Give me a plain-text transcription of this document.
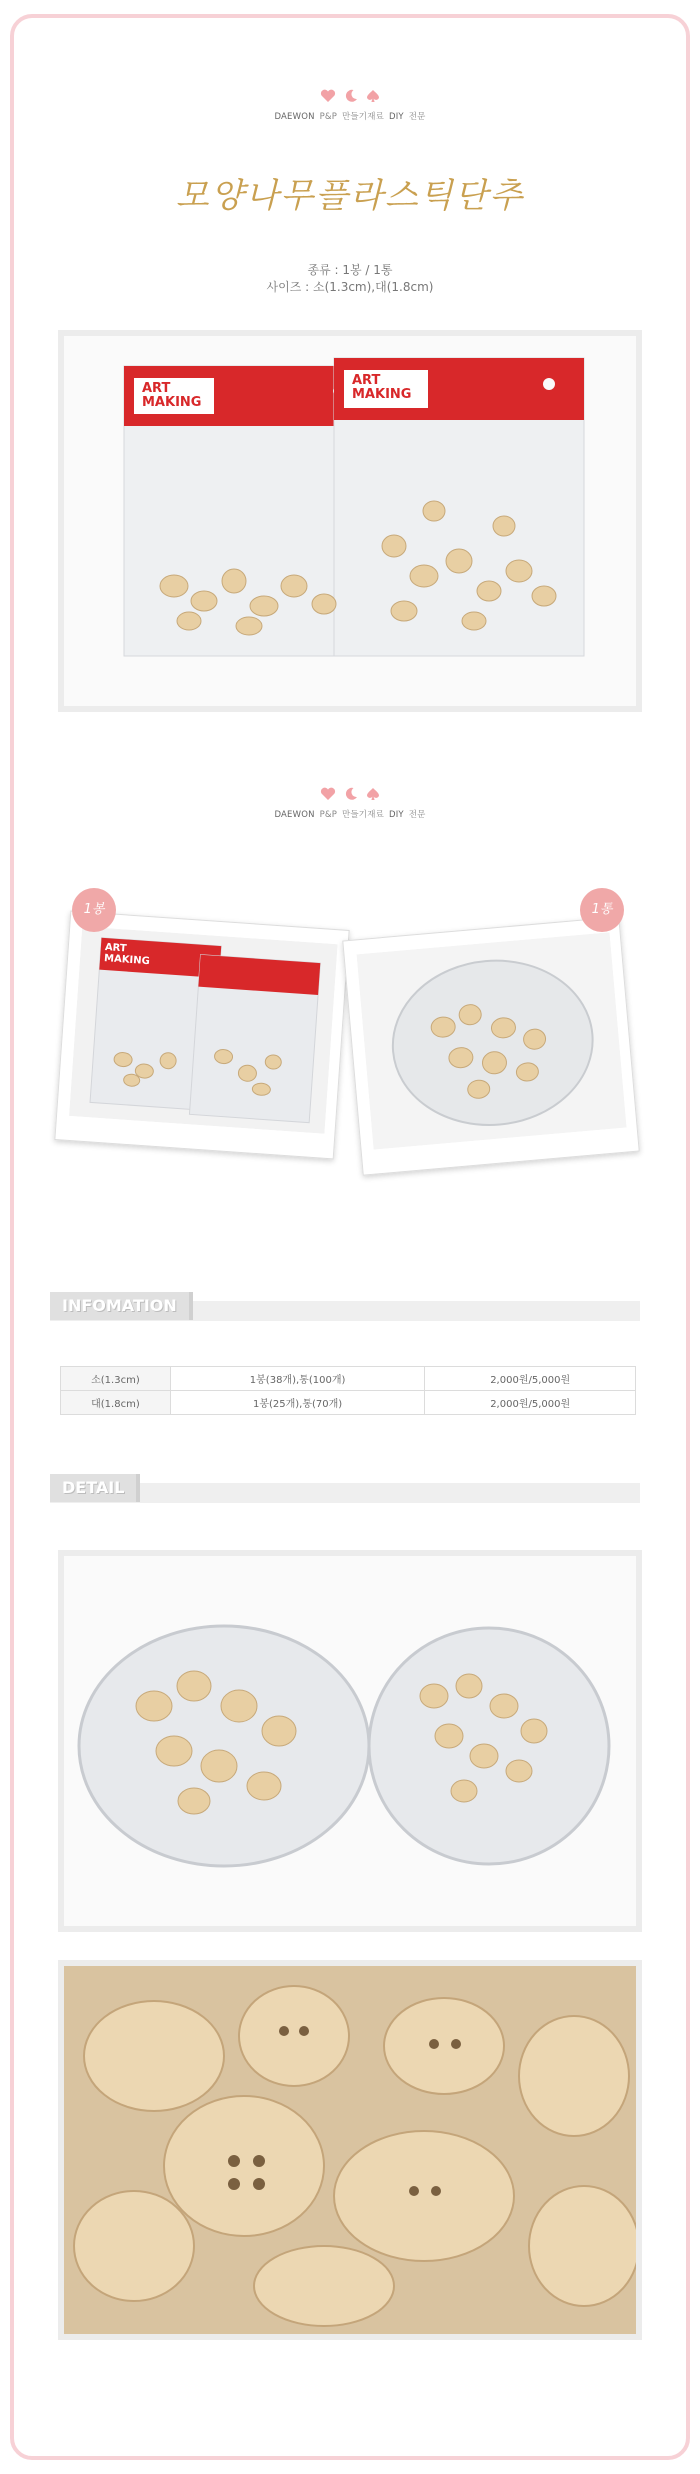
DAEWON P&P 만들기재료 DIY 전문
모양나무플라스틱단추
종류 : 1봉 / 1통
사이즈 : 소(1.3cm),대(1.8cm)
ART
MAKING
ART
MAKING
DAEWON P&P 만들기재료 DIY 전문
ART
MAKING
1봉	1통
INFOMATION
소(1.3cm)	1봉(38개),통(100개)	2,000원/5,000원
대(1.8cm)	1봉(25개),통(70개)	2,000원/5,000원
DETAIL
